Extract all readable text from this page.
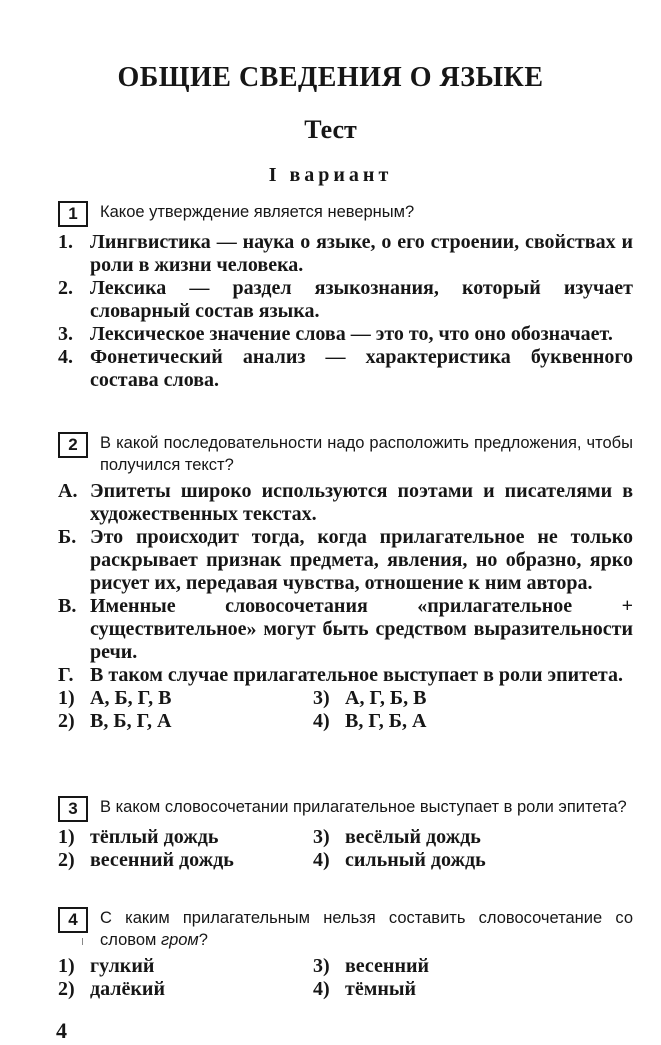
ОБЩИЕ СВЕДЕНИЯ О ЯЗЫКЕ
Тест
I вариант
1	Какое утверждение является неверным?
1. Лингвистика — наука о языке, о его строении, свойствах и роли в жизни человека.
2. Лексика — раздел языкознания, который изучает словарный состав языка.
3. Лексическое значение слова — это то, что оно обозначает.
4. Фонетический анализ — характеристика буквенного состава слова.
2	В какой последовательности надо расположить предложения, чтобы получился текст?
А. Эпитеты широко используются поэтами и писателями в художественных текстах.
Б. Это происходит тогда, когда прилагательное не только раскрывает признак предмета, явления, но образно, ярко рисует их, передавая чувства, отношение к ним автора.
В. Именные словосочетания «прилагательное + существительное» могут быть средством выразительности речи.
Г. В таком случае прилагательное выступает в роли эпитета.
1) А, Б, Г, В	3) А, Г, Б, В
2) В, Б, Г, А	4) В, Г, Б, А
3	В каком словосочетании прилагательное выступает в роли эпитета?
1) тёплый дождь	3) весёлый дождь
2) весенний дождь	4) сильный дождь
4	С каким прилагательным нельзя составить словосочетание со словом гром?
1) гулкий	3) весенний
2) далёкий	4) тёмный
4
